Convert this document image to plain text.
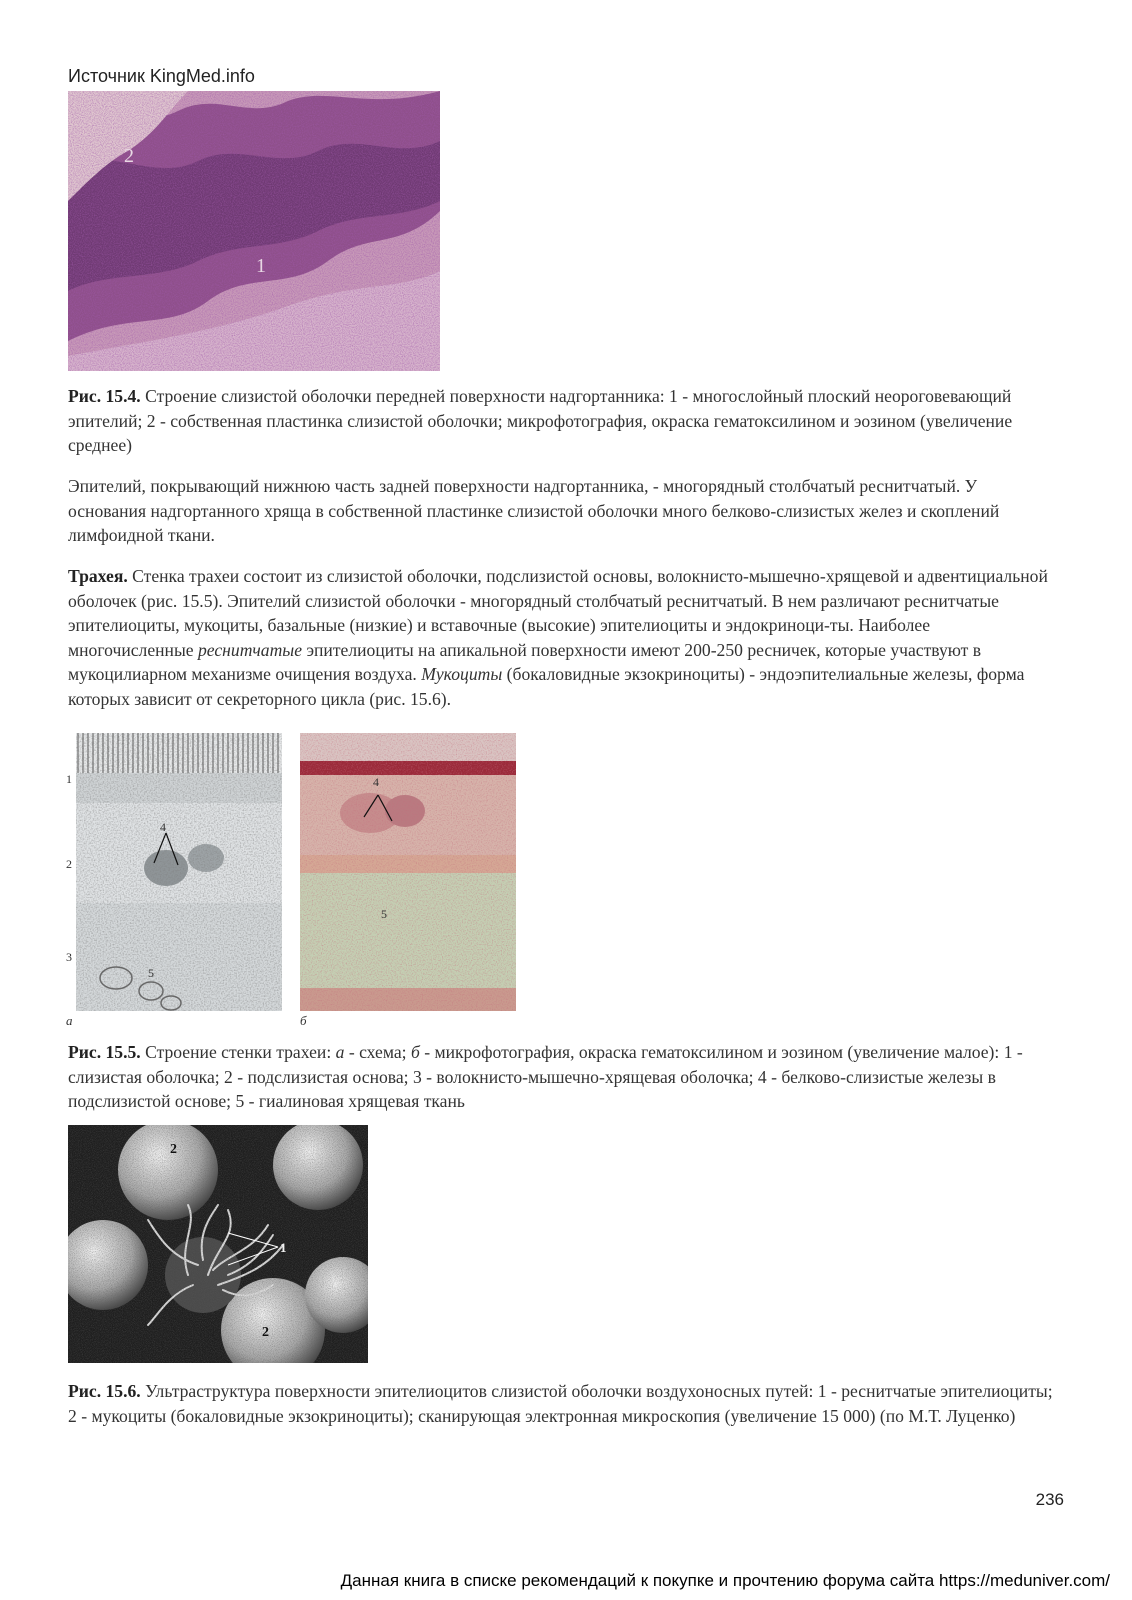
Источник KingMed.info
2
1
Рис. 15.4. Строение слизистой оболочки передней поверхности надгортанника: 1 - многослойный плоский неороговевающий эпителий; 2 - собственная пластинка слизистой оболочки; микрофотография, окраска гематоксилином и эозином (увеличение среднее)
Эпителий, покрывающий нижнюю часть задней поверхности надгортанника, - многорядный столбчатый реснитчатый. У основания надгортанного хряща в собственной пластинке слизистой оболочки много белково-слизистых желез и скоплений лимфоидной ткани.
Трахея. Стенка трахеи состоит из слизистой оболочки, подслизистой основы, волокнисто-мышечно-хрящевой и адвентициальной оболочек (рис. 15.5). Эпителий слизистой оболочки - многорядный столбчатый реснитчатый. В нем различают реснитчатые эпителиоциты, мукоциты, базальные (низкие) и вставочные (высокие) эпителиоциты и эндокриноци-ты. Наиболее многочисленные реснитчатые эпителиоциты на апикальной поверхности имеют 200-250 ресничек, которые участвуют в мукоцилиарном механизме очищения воздуха. Мукоциты (бокаловидные экзокриноциты) - эндоэпителиальные железы, форма которых зависит от секреторного цикла (рис. 15.6).
1
2
3
4
5
а
4
5
б
Рис. 15.5. Строение стенки трахеи: а - схема; б - микрофотография, окраска гематоксилином и эозином (увеличение малое): 1 - слизистая оболочка; 2 - подслизистая основа; 3 - волокнисто-мышечно-хрящевая оболочка; 4 - белково-слизистые железы в подслизистой основе; 5 - гиалиновая хрящевая ткань
2
1
2
Рис. 15.6. Ультраструктура поверхности эпителиоцитов слизистой оболочки воздухоносных путей: 1 - реснитчатые эпителиоциты; 2 - мукоциты (бокаловидные экзокриноциты); сканирующая электронная микроскопия (увеличение 15 000) (по М.Т. Луценко)
236
Данная книга в списке рекомендаций к покупке и прочтению форума сайта https://meduniver.com/
